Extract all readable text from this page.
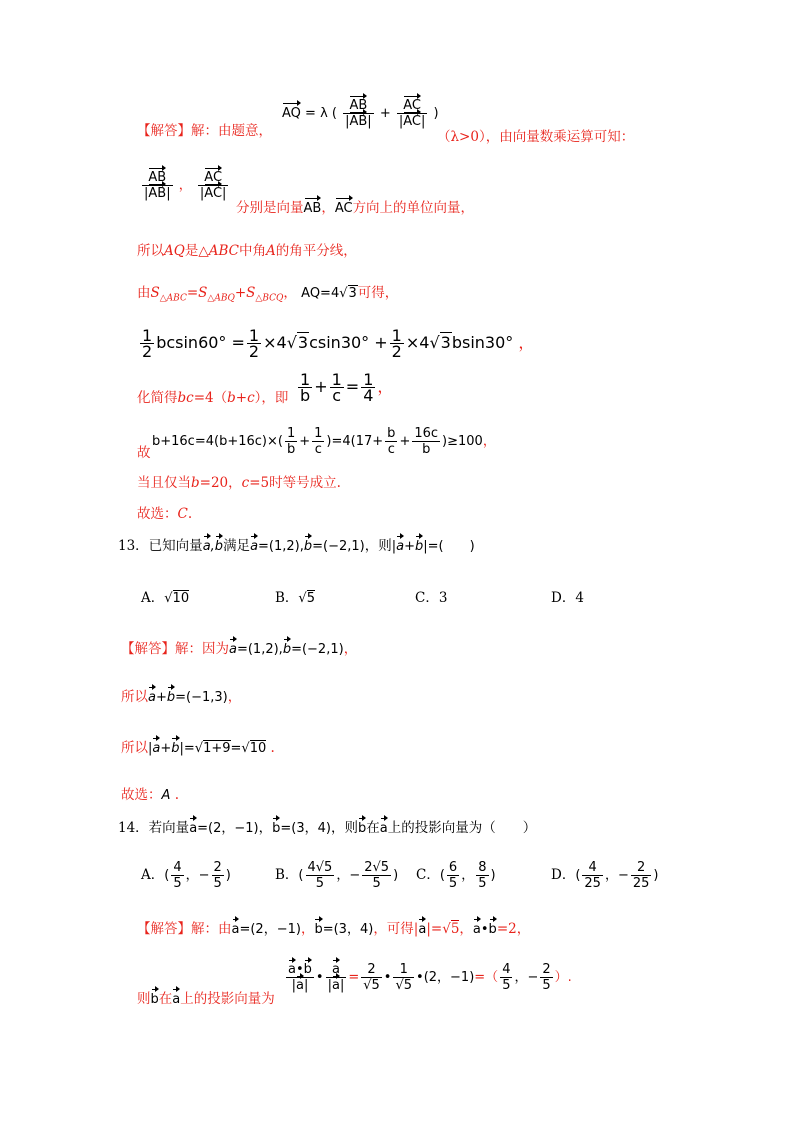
【解答】解：由题意，
AQ = λ ( $\frac{AB}{|AB|} + \frac{AC}{|AC|}$ )
（λ>0），由向量数乘运算可知：
$\frac{AB}{|AB|}$ ， $\frac{AC}{|AC|}$
分别是向量AB，AC方向上的单位向量，
所以AQ是△ABC中角A的角平分线，
由$S_{\triangle ABC}=S_{\triangle ABQ}+S_{\triangle BCQ}$， AQ=4√3可得，
$\frac{1}{2} bcsin60^\circ = \frac{1}{2} \times 4√3csin30^\circ + \frac{1}{2} \times 4√3bsin30^\circ$ ，
化简得bc=4（b+c），即 $\frac{1}{b} + \frac{1}{c} = \frac{1}{4}$ ，
故
$b+16c=4(b+16c)\times( \frac{1}{b} + \frac{1}{c} )=4(17+ \frac{b}{c} + \frac{16c}{b} )\ge 100$，
当且仅当b=20，c=5时等号成立.
故选：C.
13．已知向量a,b满足a=(1,2),b=(−2,1)，则|a+b|=(　　)
A．√10	B．√5	C．3	D．4
【解答】解：因为a=(1,2),b=(−2,1)，
所以a+b=(−1,3)，
所以|a+b|=√1+9=√10 .
故选：A .
14．若向量a=(2，−1)，b=(3，4)，则b在a上的投影向量为（　　）
A．( $\frac{4}{5}$ ，− $\frac{2}{5}$ )	B．( $\frac{4√5}{5}$ ，− $\frac{2√5}{5}$ ) C．( $\frac{6}{5}$ ， $\frac{8}{5}$ )	D．( $\frac{4}{25}$ ，− $\frac{2}{25}$ )
【解答】解：由a=(2，−1)，b=(3，4)，可得|a|=√5，a•b=2，
则b在a上的投影向量为
$\frac{a•b}{|a|}$ • $\frac{a}{|a|} = \frac{2}{√5}$ • $\frac{1}{√5}$ •(2，$-1)=( \frac{4}{5}$ ，− $\frac{2}{5}$ ）.
